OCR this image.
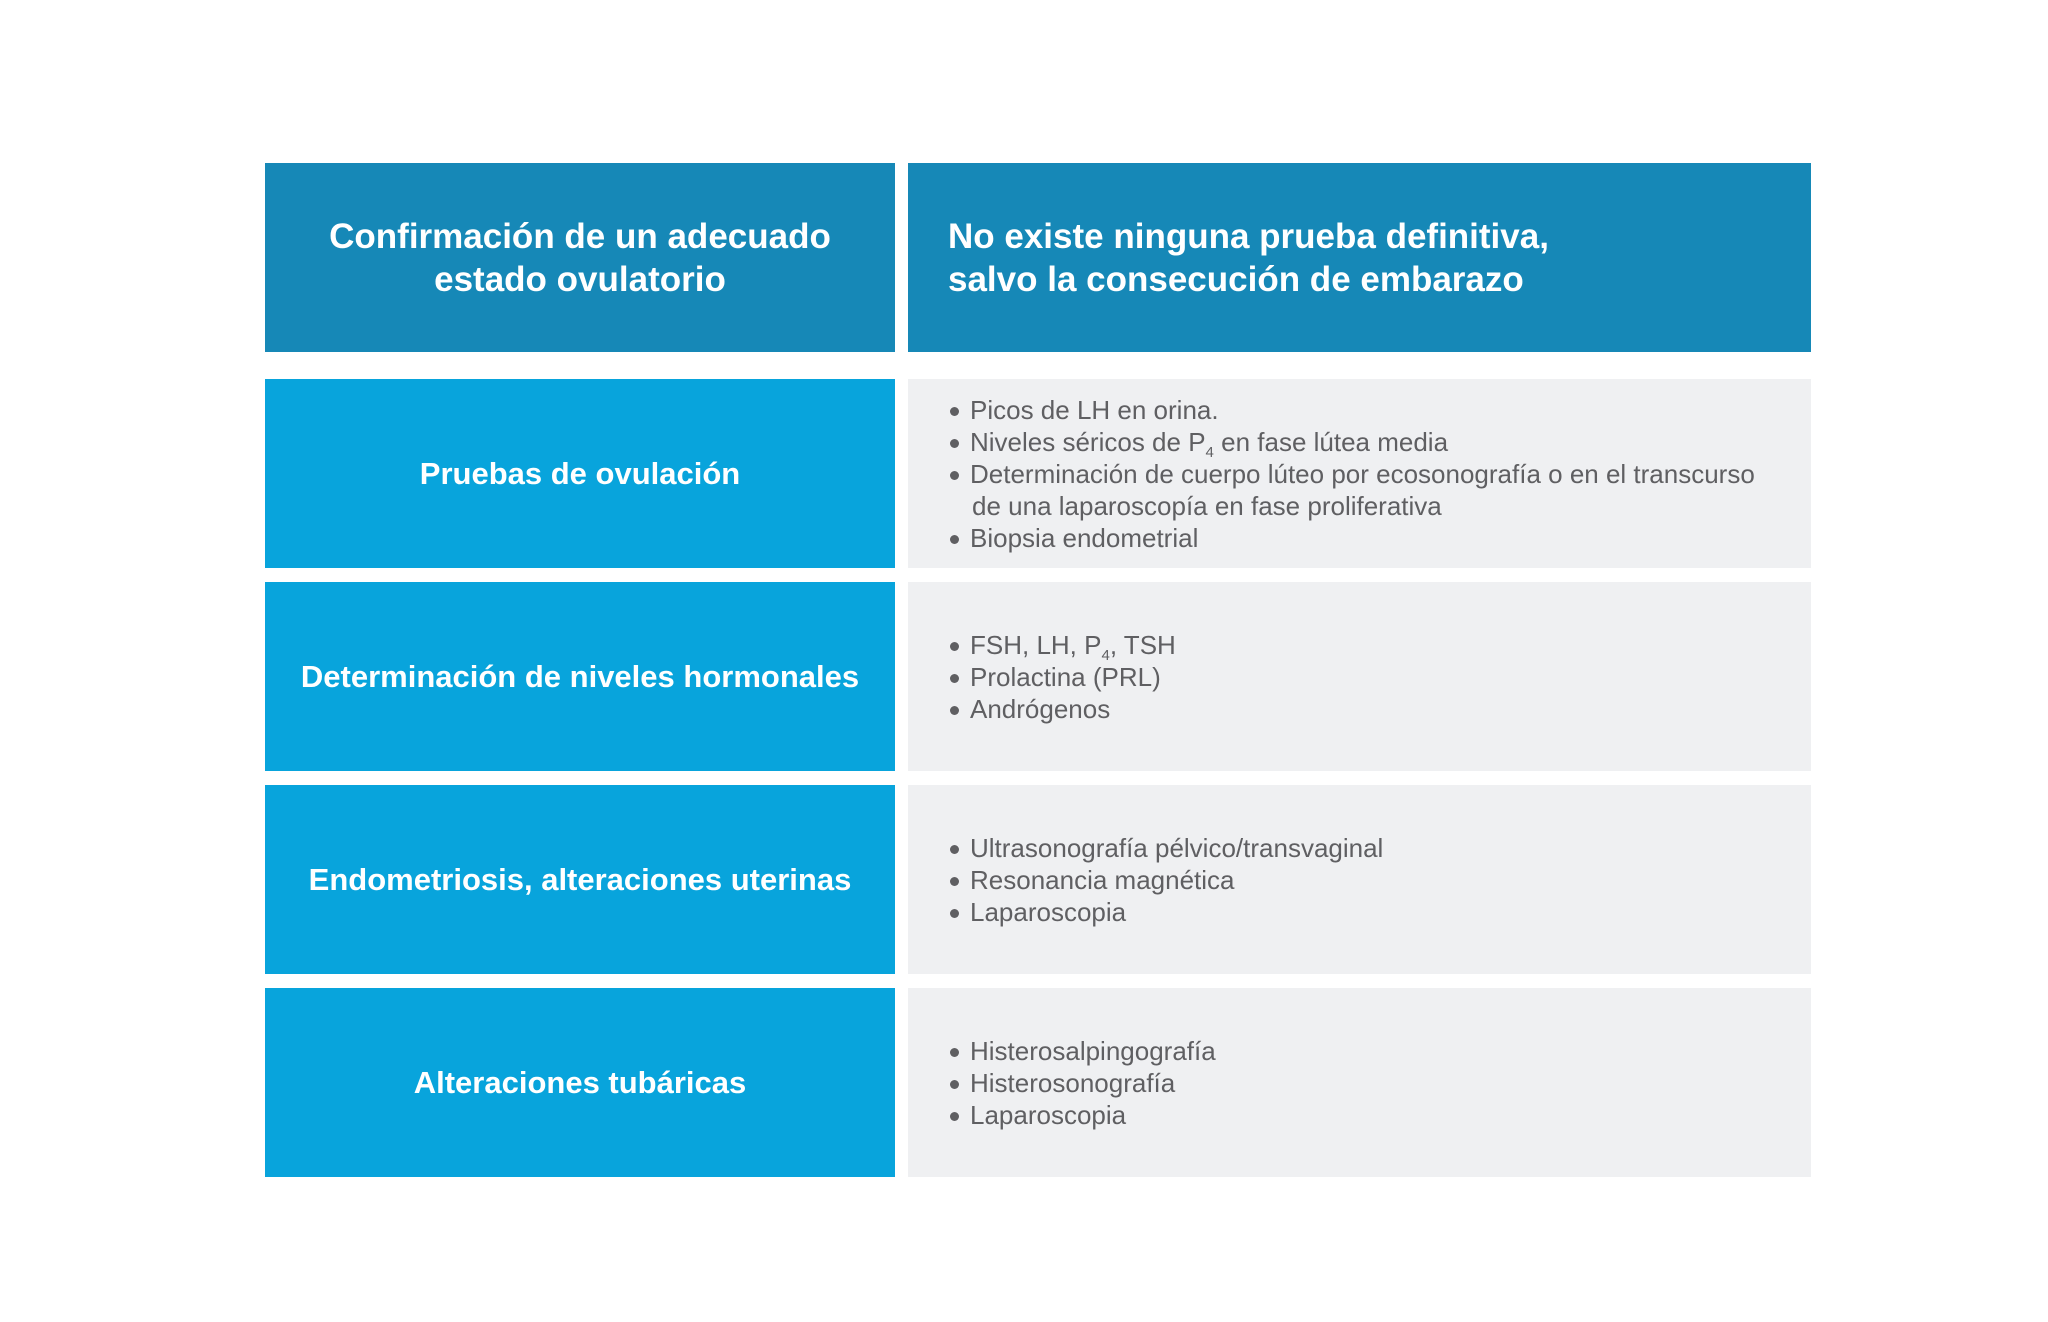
Confirmación de un adecuado
estado ovulatorio
No existe ninguna prueba definitiva,
salvo la consecución de embarazo
Pruebas de ovulación
Picos de LH en orina.
Niveles séricos de $P_4$ en fase lútea media
Determinación de cuerpo lúteo por ecosonografía o en el transcurso
de una laparoscopía en fase proliferativa
Biopsia endometrial
Determinación de niveles hormonales
FSH, LH, $P_4$, TSH
Prolactina (PRL)
Andrógenos
Endometriosis, alteraciones uterinas
Ultrasonografía pélvico/transvaginal
Resonancia magnética
Laparoscopia
Alteraciones tubáricas
Histerosalpingografía
Histerosonografía
Laparoscopia
